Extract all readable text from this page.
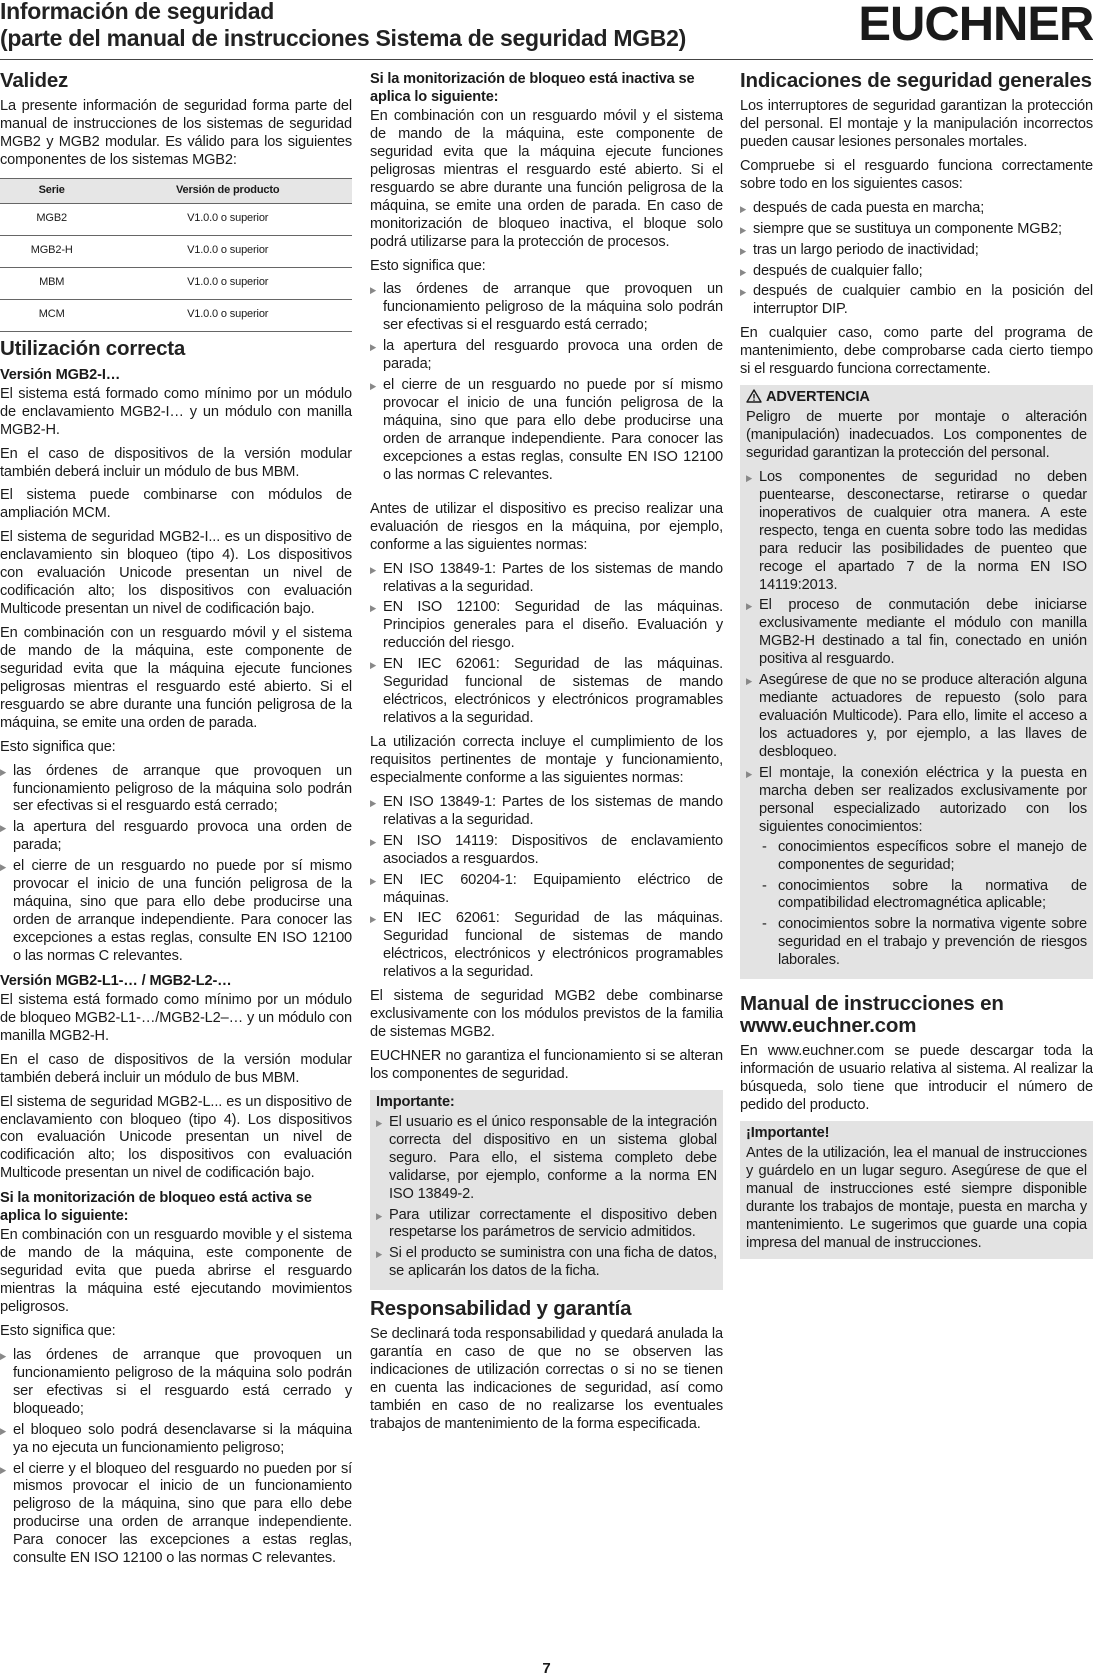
Información de seguridad
(parte del manual de instrucciones Sistema de seguridad MGB2)	EUCHNER
Validez

La presente información de seguridad forma parte del manual de instrucciones de los sistemas de seguridad MGB2 y MGB2 modular. Es válido para los siguientes componentes de los sistemas MGB2:

Serie	Versión de producto
MGB2	V1.0.0 o superior
MGB2-H	V1.0.0 o superior
MBM	V1.0.0 o superior
MCM	V1.0.0 o superior
Utilización correcta
Versión MGB2-I…

El sistema está formado como mínimo por un módulo de enclavamiento MGB2-I… y un módulo con manilla MGB2-H.

En el caso de dispositivos de la versión modular también deberá incluir un módulo de bus MBM.

El sistema puede combinarse con módulos de ampliación MCM.

El sistema de seguridad MGB2-I... es un dispositivo de enclavamiento sin bloqueo (tipo 4). Los dispositivos con evaluación Unicode presentan un nivel de codificación alto; los dispositivos con evaluación Multicode presentan un nivel de codificación bajo.

En combinación con un resguardo móvil y el sistema de mando de la máquina, este componente de seguridad evita que la máquina ejecute funciones peligrosas mientras el resguardo esté abierto. Si el resguardo se abre durante una función peligrosa de la máquina, se emite una orden de parada.

Esto significa que:

▶ las órdenes de arranque que provoquen un funcionamiento peligroso de la máquina solo podrán ser efectivas si el resguardo está cerrado;
▶ la apertura del resguardo provoca una orden de parada;
▶ el cierre de un resguardo no puede por sí mismo provocar el inicio de una función peligrosa de la máquina, sino que para ello debe producirse una orden de arranque independiente. Para conocer las excepciones a estas reglas, consulte EN ISO 12100 o las normas C relevantes.
Versión MGB2-L1-… / MGB2-L2-…

El sistema está formado como mínimo por un módulo de bloqueo MGB2-L1-…/MGB2-L2–… y un módulo con manilla MGB2-H.

En el caso de dispositivos de la versión modular también deberá incluir un módulo de bus MBM.

El sistema de seguridad MGB2-L... es un dispositivo de enclavamiento con bloqueo (tipo 4). Los dispositivos con evaluación Unicode presentan un nivel de codificación alto; los dispositivos con evaluación Multicode presentan un nivel de codificación bajo.

Si la monitorización de bloqueo está activa se aplica lo siguiente:

En combinación con un resguardo movible y el sistema de mando de la máquina, este componente de seguridad evita que pueda abrirse el resguardo mientras la máquina esté ejecutando movimientos peligrosos.

Esto significa que:

▶ las órdenes de arranque que provoquen un funcionamiento peligroso de la máquina solo podrán ser efectivas si el resguardo está cerrado y bloqueado;
▶ el bloqueo solo podrá desenclavarse si la máquina ya no ejecuta un funcionamiento peligroso;
▶ el cierre y el bloqueo del resguardo no pueden por sí mismos provocar el inicio de un funcionamiento peligroso de la máquina, sino que para ello debe producirse una orden de arranque independiente. Para conocer las excepciones a estas reglas, consulte EN ISO 12100 o las normas C relevantes.
Si la monitorización de bloqueo está inactiva se aplica lo siguiente:

En combinación con un resguardo móvil y el sistema de mando de la máquina, este componente de seguridad evita que la máquina ejecute funciones peligrosas mientras el resguardo esté abierto. Si el resguardo se abre durante una función peligrosa de la máquina, se emite una orden de parada. En caso de monitorización de bloqueo inactiva, el bloque solo podrá utilizarse para la protección de procesos.

Esto significa que:

▶ las órdenes de arranque que provoquen un funcionamiento peligroso de la máquina solo podrán ser efectivas si el resguardo está cerrado;
▶ la apertura del resguardo provoca una orden de parada;
▶ el cierre de un resguardo no puede por sí mismo provocar el inicio de una función peligrosa de la máquina, sino que para ello debe producirse una orden de arranque independiente. Para conocer las excepciones a estas reglas, consulte EN ISO 12100 o las normas C relevantes.

Antes de utilizar el dispositivo es preciso realizar una evaluación de riesgos en la máquina, por ejemplo, conforme a las siguientes normas:

▶ EN ISO 13849-1: Partes de los sistemas de mando relativas a la seguridad.
▶ EN ISO 12100: Seguridad de las máquinas. Principios generales para el diseño. Evaluación y reducción del riesgo.
▶ EN IEC 62061: Seguridad de las máquinas. Seguridad funcional de sistemas de mando eléctricos, electrónicos y electrónicos programables relativos a la seguridad.

La utilización correcta incluye el cumplimiento de los requisitos pertinentes de montaje y funcionamiento, especialmente conforme a las siguientes normas:

▶ EN ISO 13849-1: Partes de los sistemas de mando relativas a la seguridad.
▶ EN ISO 14119: Dispositivos de enclavamiento asociados a resguardos.
▶ EN IEC 60204-1: Equipamiento eléctrico de máquinas.
▶ EN IEC 62061: Seguridad de las máquinas. Seguridad funcional de sistemas de mando eléctricos, electrónicos y electrónicos programables relativos a la seguridad.

El sistema de seguridad MGB2 debe combinarse exclusivamente con los módulos previstos de la familia de sistemas MGB2.

EUCHNER no garantiza el funcionamiento si se alteran los componentes de seguridad.

Importante:
▶ El usuario es el único responsable de la integración correcta del dispositivo en un sistema global seguro. Para ello, el sistema completo debe validarse, por ejemplo, conforme a la norma EN ISO 13849-2.
▶ Para utilizar correctamente el dispositivo deben respetarse los parámetros de servicio admitidos.
▶ Si el producto se suministra con una ficha de datos, se aplicarán los datos de la ficha.
Responsabilidad y garantía

Se declinará toda responsabilidad y quedará anulada la garantía en caso de que no se observen las indicaciones de utilización correctas o si no se tienen en cuenta las indicaciones de seguridad, así como también en caso de no realizarse los eventuales trabajos de mantenimiento de la forma especificada.

Indicaciones de seguridad generales

Los interruptores de seguridad garantizan la protección del personal. El montaje y la manipulación incorrectos pueden causar lesiones personales mortales.

Compruebe si el resguardo funciona correctamente sobre todo en los siguientes casos:

▶ después de cada puesta en marcha;
▶ siempre que se sustituya un componente MGB2;
▶ tras un largo periodo de inactividad;
▶ después de cualquier fallo;
▶ después de cualquier cambio en la posición del interruptor DIP.

En cualquier caso, como parte del programa de mantenimiento, debe comprobarse cada cierto tiempo si el resguardo funciona correctamente.

ADVERTENCIA

Peligro de muerte por montaje o alteración (manipulación) inadecuados. Los componentes de seguridad garantizan la protección del personal.

▶ Los componentes de seguridad no deben puentearse, desconectarse, retirarse o quedar inoperativos de cualquier otra manera. A este respecto, tenga en cuenta sobre todo las medidas para reducir las posibilidades de puenteo que recoge el apartado 7 de la norma EN ISO 14119:2013.
▶ El proceso de conmutación debe iniciarse exclusivamente mediante el módulo con manilla MGB2-H destinado a tal fin, conectado en unión positiva al resguardo.
▶ Asegúrese de que no se produce alteración alguna mediante actuadores de repuesto (solo para evaluación Multicode). Para ello, limite el acceso a los actuadores y, por ejemplo, a las llaves de desbloqueo.
▶ El montaje, la conexión eléctrica y la puesta en marcha deben ser realizados exclusivamente por personal especializado autorizado con los siguientes conocimientos:
- conocimientos específicos sobre el manejo de componentes de seguridad;
- conocimientos sobre la normativa de compatibilidad electromagnética aplicable;
- conocimientos sobre la normativa vigente sobre seguridad en el trabajo y prevención de riesgos laborales.
Manual de instrucciones en www.euchner.com

En www.euchner.com se puede descargar toda la información de usuario relativa al sistema. Al realizar la búsqueda, solo tiene que introducir el número de pedido del producto.

¡Importante!

Antes de la utilización, lea el manual de instrucciones y guárdelo en un lugar seguro. Asegúrese de que el manual de instrucciones esté siempre disponible durante los trabajos de montaje, puesta en marcha y mantenimiento. Le sugerimos que guarde una copia impresa del manual de instrucciones.

7
